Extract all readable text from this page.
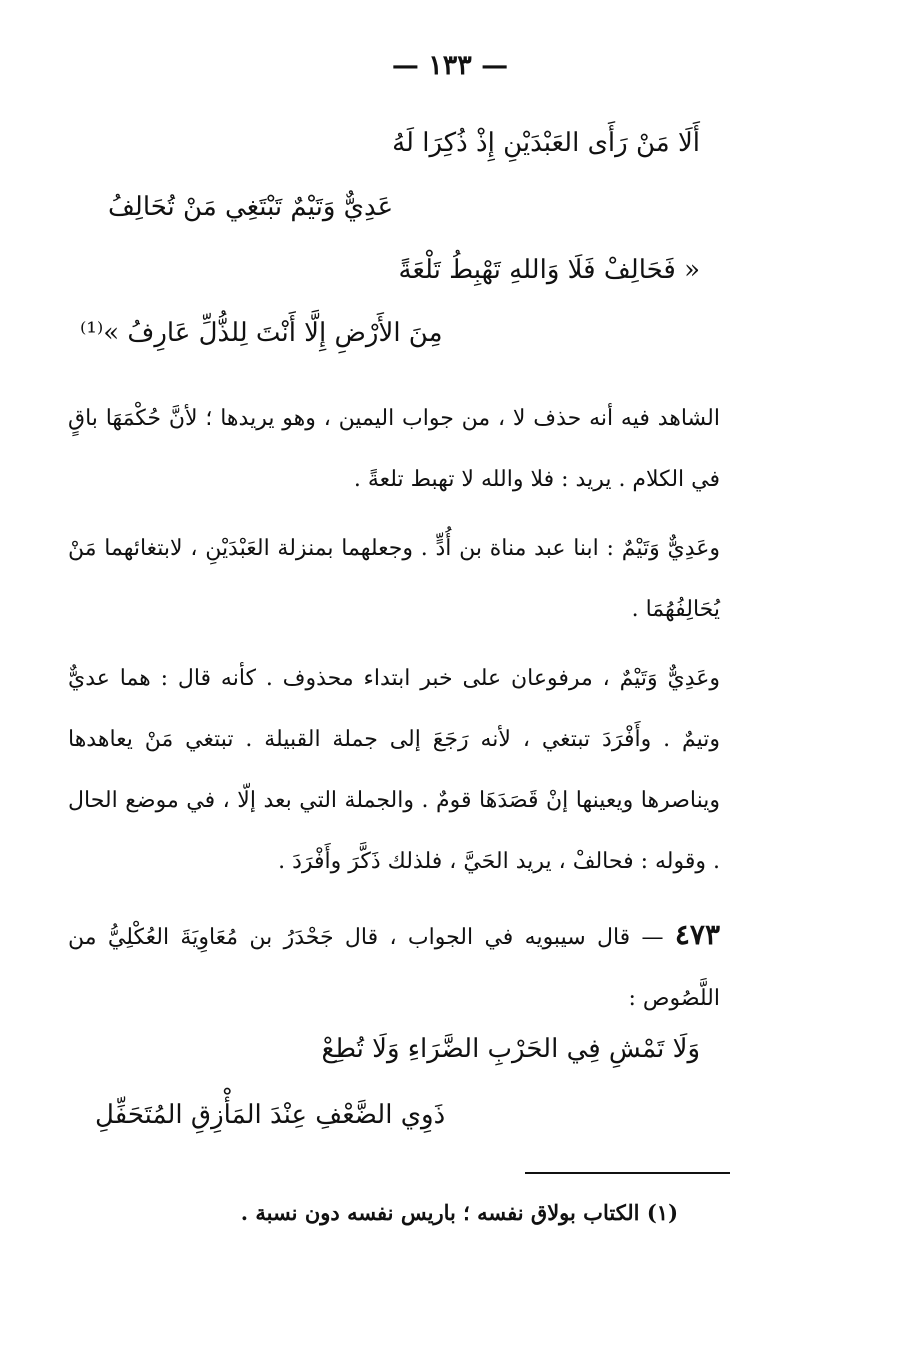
— ١٣٣ —
أَلَا مَنْ رَأَى العَبْدَيْنِ إِذْ ذُكِرَا لَهُ
عَدِيٌّ وَتَيْمٌ تَبْتَغِي مَنْ تُحَالِفُ
« فَحَالِفْ فَلَا وَاللهِ تَهْبِطُ تَلْعَةً
مِنَ الأَرْضِ إِلَّا أَنْتَ لِلذُّلِّ عَارِفُ »⁽¹⁾
الشاهد فيه أنه حذف لا ، من جواب اليمين ، وهو يريدها ؛ لأنَّ حُكْمَهَا باقٍ في الكلام . يريد : فلا والله لا تهبط تلعةً .
وعَدِيٌّ وَتَيْمٌ : ابنا عبد مناة بن أُدٍّ . وجعلهما بمنزلة العَبْدَيْنِ ، لابتغائهما مَنْ يُحَالِفُهُمَا .
وعَدِيٌّ وَتَيْمٌ ، مرفوعان على خبر ابتداء محذوف . كأنه قال : هما عديٌّ وتيمٌ . وأَفْرَدَ تبتغي ، لأنه رَجَعَ إلى جملة القبيلة . تبتغي مَنْ يعاهدها ويناصرها ويعينها إنْ قَصَدَهَا قومٌ . والجملة التي بعد إلّا ، في موضع الحال . وقوله : فحالفْ ، يريد الحَيَّ ، فلذلك ذَكَّرَ وأَفْرَدَ .
٤٧٣ — قال سيبويه في الجواب ، قال جَحْدَرُ بن مُعَاوِيَةَ العُكْلِيُّ من اللَّصُوص :
وَلَا تَمْشِ فِي الحَرْبِ الضَّرَاءِ وَلَا تُطِعْ
ذَوِي الضَّعْفِ عِنْدَ المَأْزِقِ المُتَحَفِّلِ
(١) الكتاب بولاق نفسه ؛ باريس نفسه دون نسبة .
